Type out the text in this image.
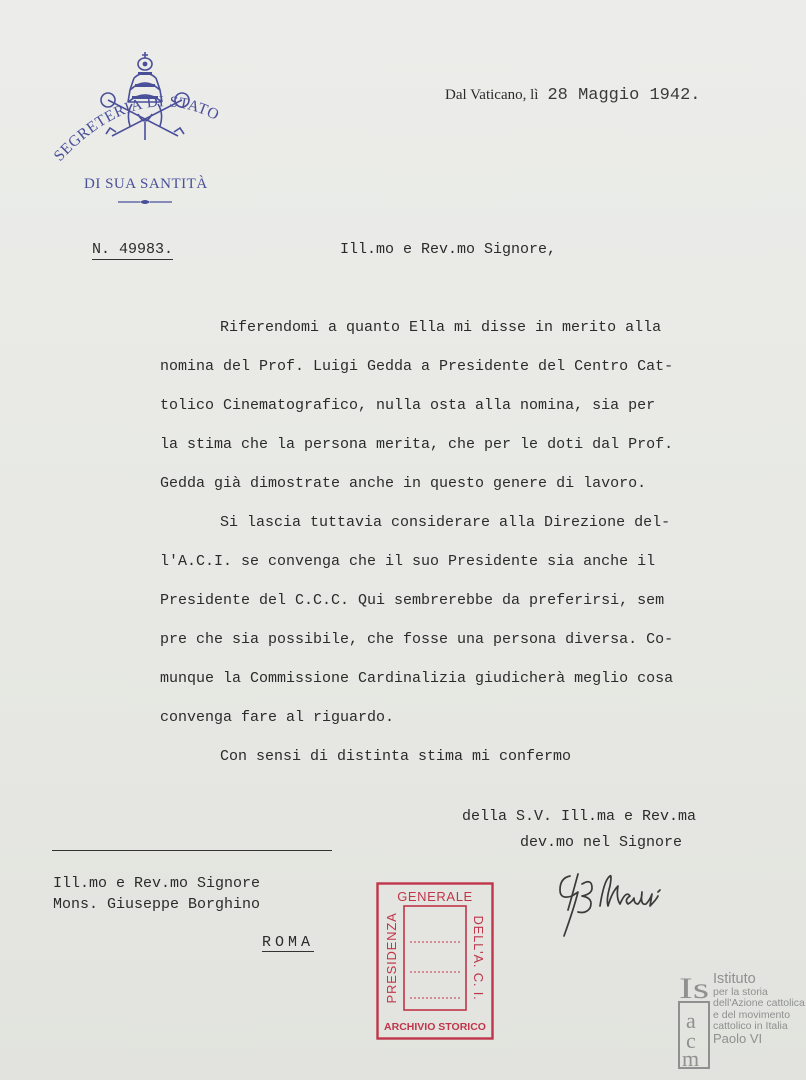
SEGRETERIA DI STATO
DI SUA SANTITÀ
Dal Vaticano, lì 28 Maggio 1942.
N. 49983.	Ill.mo e Rev.mo Signore,
Riferendomi a quanto Ella mi disse in merito alla
nomina del Prof. Luigi Gedda a Presidente del Centro Cat-
tolico Cinematografico, nulla osta alla nomina, sia per
la stima che la persona merita, che per le doti dal Prof.
Gedda già dimostrate anche in questo genere di lavoro.
Si lascia tuttavia considerare alla Direzione del-
l'A.C.I. se convenga che il suo Presidente sia anche il
Presidente del C.C.C. Qui sembrerebbe da preferirsi, sem
pre che sia possibile, che fosse una persona diversa. Co-
munque la Commissione Cardinalizia giudicherà meglio cosa
convenga fare al riguardo.
Con sensi di distinta stima mi confermo
della S.V. Ill.ma e Rev.ma
dev.mo nel Signore
Ill.mo e Rev.mo Signore
Mons. Giuseppe Borghino
ROMA
GENERALE
PRESIDENZA	DELL'A. C. I.
ARCHIVIO STORICO
Is
a
c
m
Istituto
per la storia
dell'Azione cattolica
e del movimento
cattolico in Italia
Paolo VI
